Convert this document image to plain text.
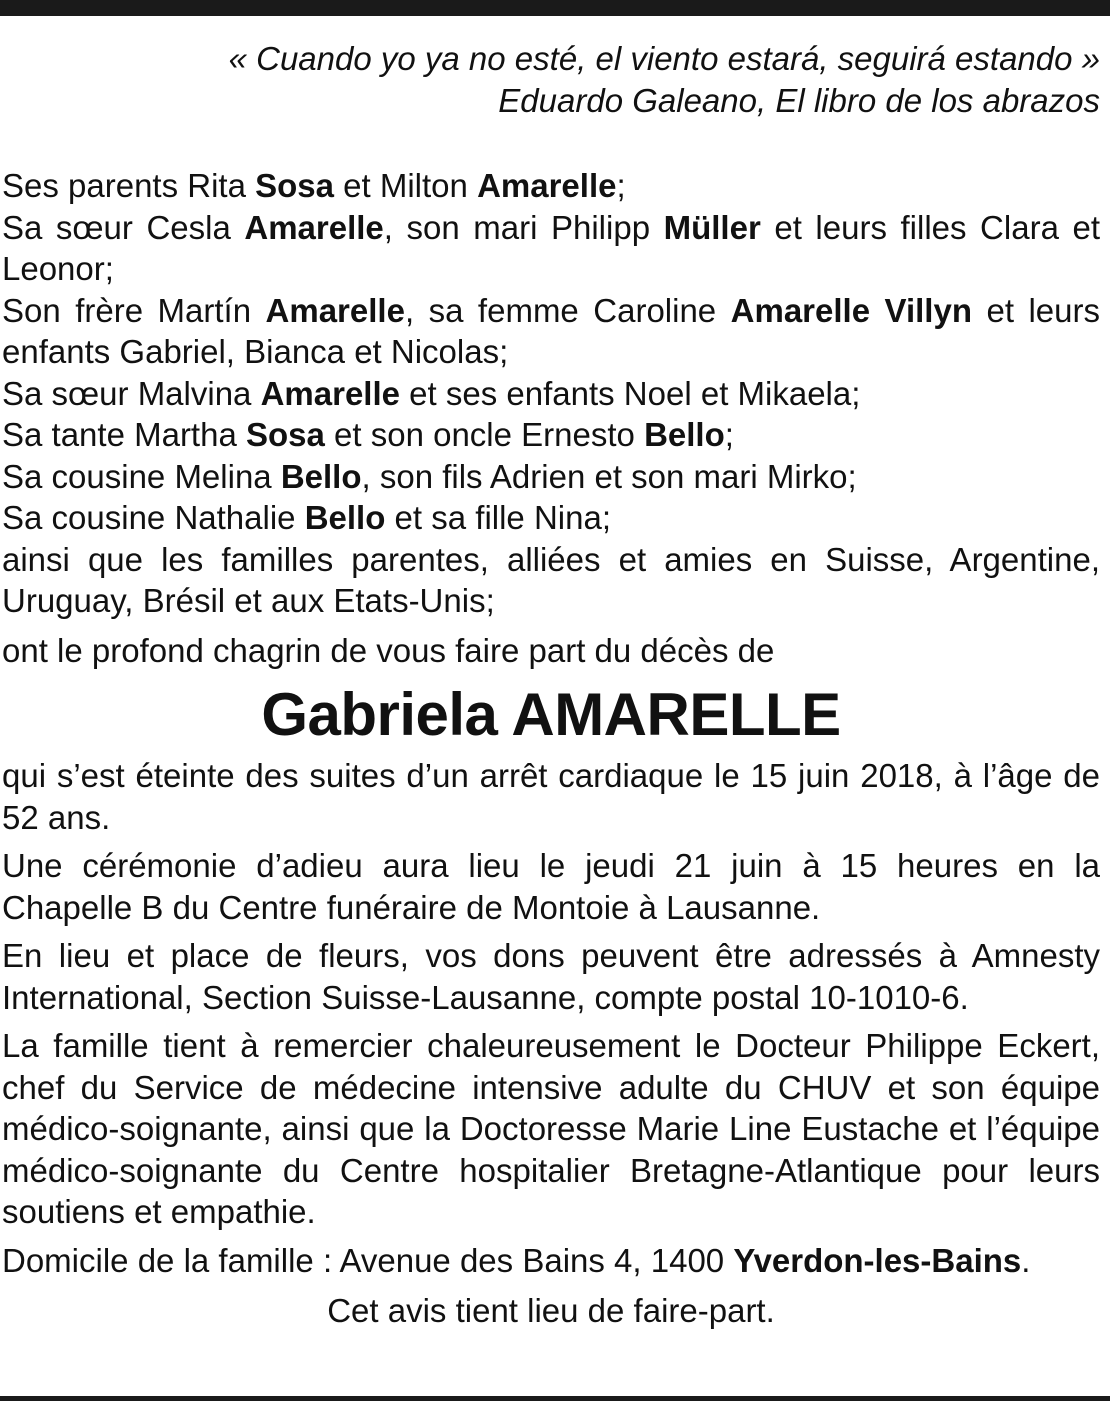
« Cuando yo ya no esté, el viento estará, seguirá estando »
Eduardo Galeano, El libro de los abrazos
Ses parents Rita Sosa et Milton Amarelle;
Sa sœur Cesla Amarelle, son mari Philipp Müller et leurs filles Clara et Leonor;
Son frère Martín Amarelle, sa femme Caroline Amarelle Villyn et leurs enfants Gabriel, Bianca et Nicolas;
Sa sœur Malvina Amarelle et ses enfants Noel et Mikaela;
Sa tante Martha Sosa et son oncle Ernesto Bello;
Sa cousine Melina Bello, son fils Adrien et son mari Mirko;
Sa cousine Nathalie Bello et sa fille Nina;
ainsi que les familles parentes, alliées et amies en Suisse, Argentine, Uruguay, Brésil et aux Etats-Unis;
ont le profond chagrin de vous faire part du décès de
Gabriela AMARELLE
qui s’est éteinte des suites d’un arrêt cardiaque le 15 juin 2018, à l’âge de 52 ans.
Une cérémonie d’adieu aura lieu le jeudi 21 juin à 15 heures en la Chapelle B du Centre funéraire de Montoie à Lausanne.
En lieu et place de fleurs, vos dons peuvent être adressés à Amnesty International, Section Suisse-Lausanne, compte postal 10-1010-6.
La famille tient à remercier chaleureusement le Docteur Philippe Eckert, chef du Service de médecine intensive adulte du CHUV et son équipe médico-soignante, ainsi que la Doctoresse Marie Line Eustache et l’équipe médico-soignante du Centre hospitalier Bretagne-Atlantique pour leurs soutiens et empathie.
Domicile de la famille : Avenue des Bains 4, 1400 Yverdon-les-Bains.
Cet avis tient lieu de faire-part.
